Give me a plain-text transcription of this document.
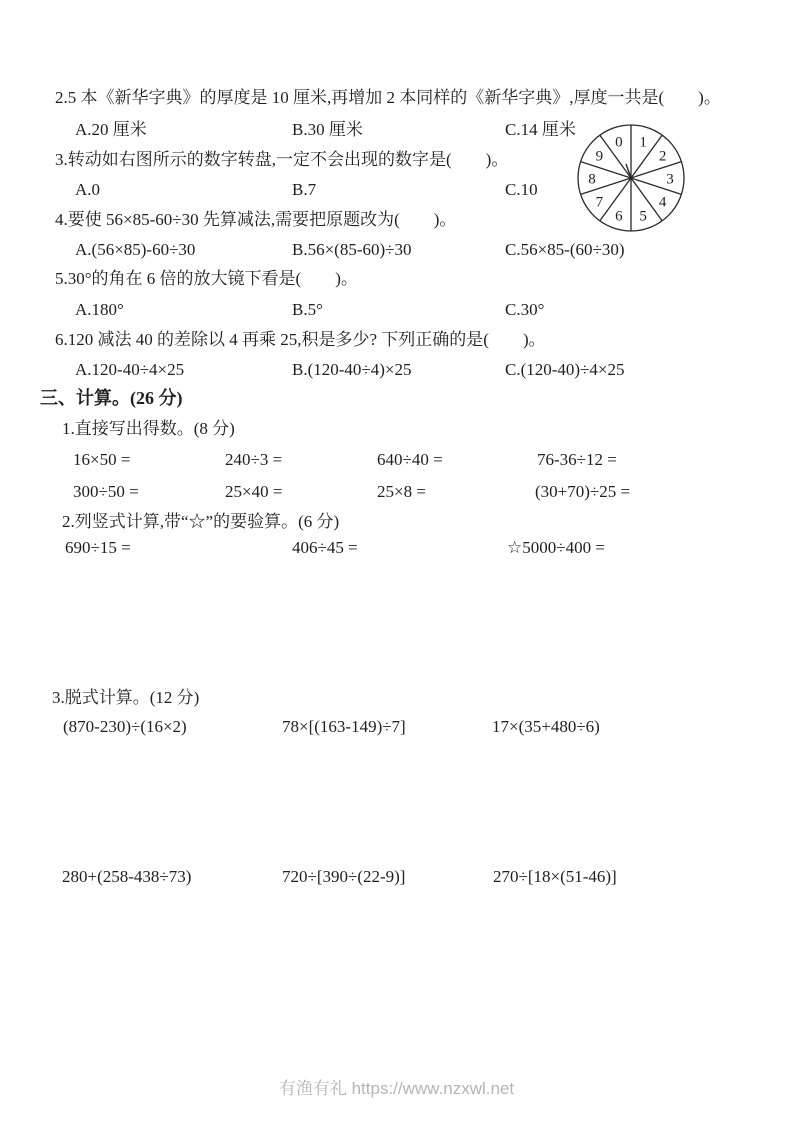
2.5 本《新华字典》的厚度是 10 厘米,再增加 2 本同样的《新华字典》,厚度一共是(　　)。
A.20 厘米	B.30 厘米	C.14 厘米
3.转动如右图所示的数字转盘,一定不会出现的数字是(　　)。
A.0	B.7	C.10
0 1
2
3
4
5
6
7
8
9
4.要使 56×85-60÷30 先算减法,需要把原题改为(　　)。
A.(56×85)-60÷30	B.56×(85-60)÷30	C.56×85-(60÷30)
5.30°的角在 6 倍的放大镜下看是(　　)。
A.180°	B.5°	C.30°
6.120 减法 40 的差除以 4 再乘 25,积是多少? 下列正确的是(　　)。
A.120-40÷4×25	B.(120-40÷4)×25	C.(120-40)÷4×25
三、计算。(26 分)
1.直接写出得数。(8 分)
16×50 =	240÷3 =	640÷40 =	76-36÷12 =
300÷50 =	25×40 =	25×8 =	(30+70)÷25 =
2.列竖式计算,带“☆”的要验算。(6 分)
690÷15 =	406÷45 =	☆5000÷400 =
3.脱式计算。(12 分)
(870-230)÷(16×2)	78×[(163-149)÷7]	17×(35+480÷6)
280+(258-438÷73)	720÷[390÷(22-9)]	270÷[18×(51-46)]
有渔有礼 https://www.nzxwl.net
